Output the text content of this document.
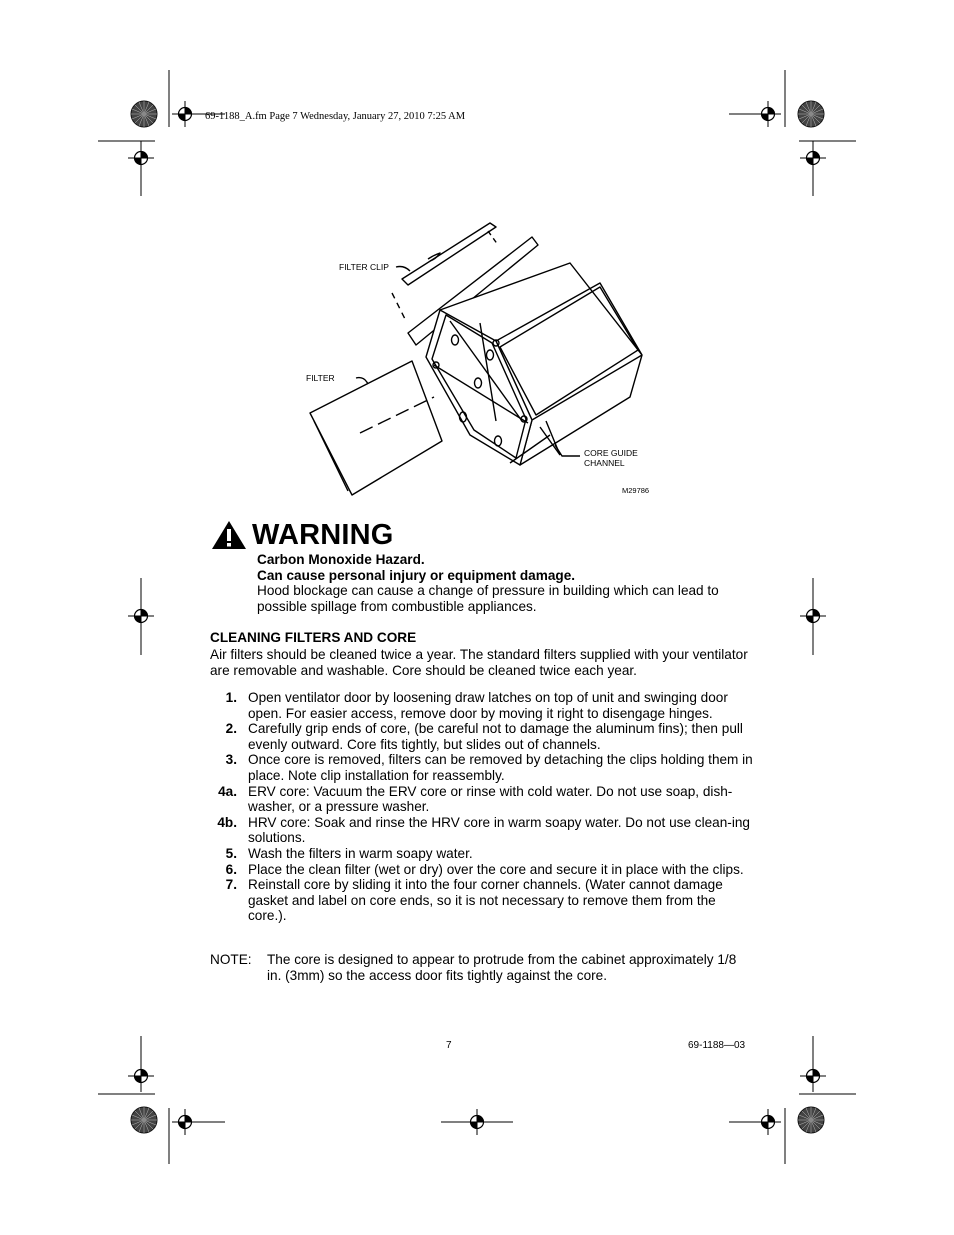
69-1188_A.fm Page 7 Wednesday, January 27, 2010 7:25 AM
FILTER CLIP
FILTER
CORE GUIDE
CHANNEL
M29786
WARNING
Carbon Monoxide Hazard.
Can cause personal injury or equipment damage.
Hood blockage can cause a change of pressure in building which can lead to possible spillage from combustible appliances.
CLEANING FILTERS AND CORE
Air filters should be cleaned twice a year. The standard filters supplied with your ventilator are removable and washable. Core should be cleaned twice each year.
1. Open ventilator door by loosening draw latches on top of unit and swinging door open. For easier access, remove door by moving it right to disengage hinges.
2. Carefully grip ends of core, (be careful not to damage the aluminum fins); then pull evenly outward. Core fits tightly, but slides out of channels.
3. Once core is removed, filters can be removed by detaching the clips holding them in place. Note clip installation for reassembly.
4a. ERV core: Vacuum the ERV core or rinse with cold water. Do not use soap, dish-washer, or a pressure washer.
4b. HRV core: Soak and rinse the HRV core in warm soapy water. Do not use clean-ing solutions.
5. Wash the filters in warm soapy water.
6. Place the clean filter (wet or dry) over the core and secure it in place with the clips.
7. Reinstall core by sliding it into the four corner channels. (Water cannot damage gasket and label on core ends, so it is not necessary to remove them from the core.).
NOTE:	The core is designed to appear to protrude from the cabinet approximately 1/8 in. (3mm) so the access door fits tightly against the core.
7	69-1188—03
